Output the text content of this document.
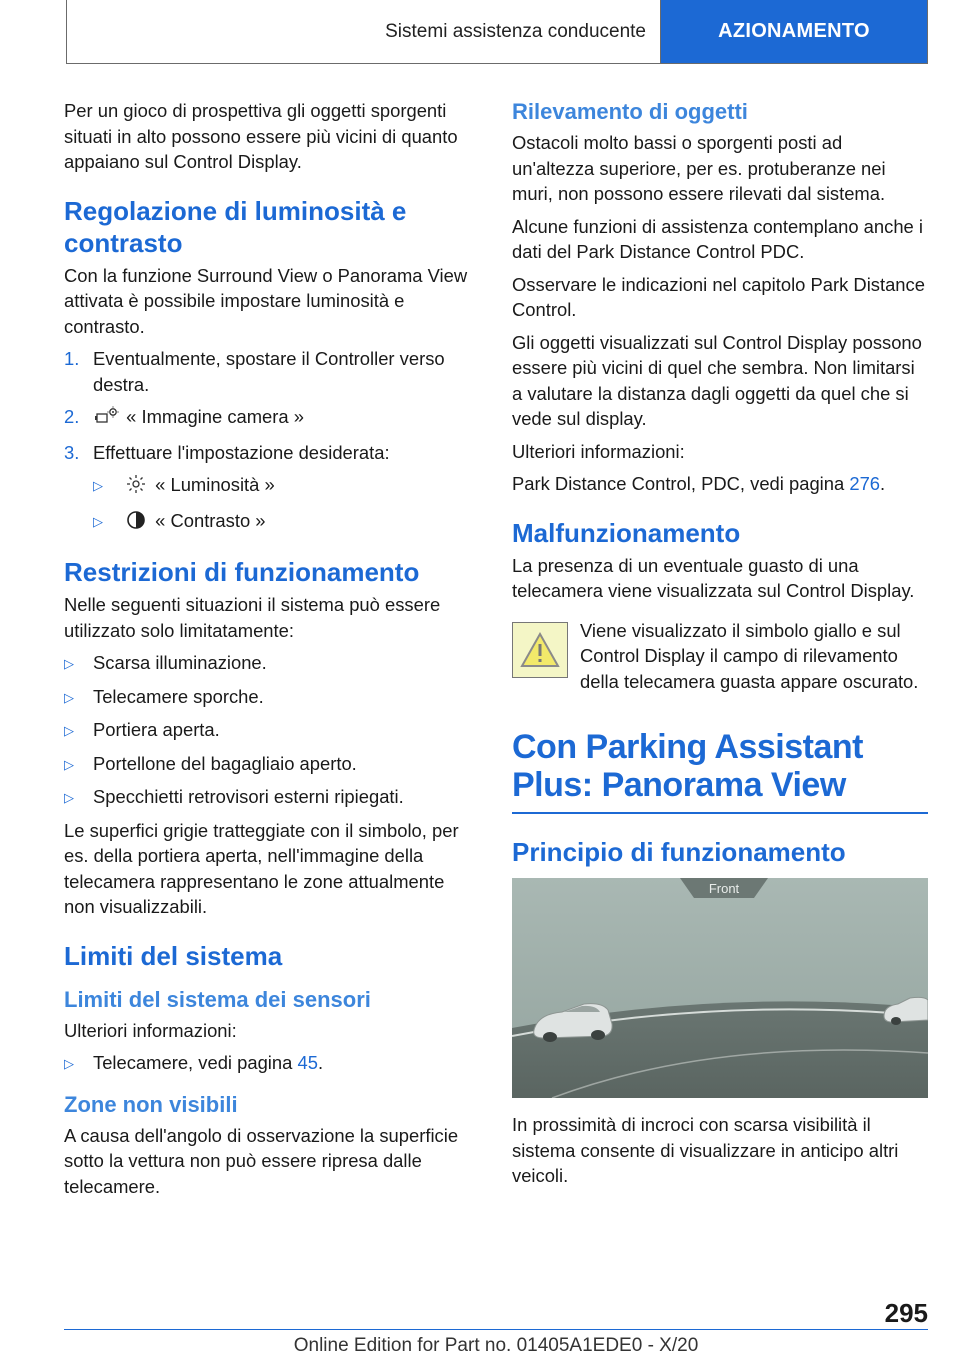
Sistemi assistenza conducente	AZIONAMENTO

Per un gioco di prospettiva gli oggetti sporgenti situati in alto possono essere più vicini di quanto appaiano sul Control Display.

Regolazione di luminosità e contrasto

Con la funzione Surround View o Panorama View attivata è possibile impostare luminosità e contrasto.

1. Eventualmente, spostare il Controller verso destra.
2.	« Immagine camera »
3. Effettuare l'impostazione desiderata:
▷	« Luminosità »
▷	« Contrasto »
Restrizioni di funzionamento

Nelle seguenti situazioni il sistema può essere utilizzato solo limitatamente:

▷	Scarsa illuminazione.
▷	Telecamere sporche.
▷	Portiera aperta.
▷	Portellone del bagagliaio aperto.
▷	Specchietti retrovisori esterni ripiegati.

Le superfici grigie tratteggiate con il simbolo, per es. della portiera aperta, nell'immagine della telecamera rappresentano le zone attualmente non visualizzabili.

Limiti del sistema
Limiti del sistema dei sensori

Ulteriori informazioni:

▷	Telecamere, vedi pagina 45.
Zone non visibili

A causa dell'angolo di osservazione la superficie sotto la vettura non può essere ripresa dalle telecamere.

Rilevamento di oggetti

Ostacoli molto bassi o sporgenti posti ad un'altezza superiore, per es. protuberanze nei muri, non possono essere rilevati dal sistema.

Alcune funzioni di assistenza contemplano anche i dati del Park Distance Control PDC.

Osservare le indicazioni nel capitolo Park Distance Control.

Gli oggetti visualizzati sul Control Display possono essere più vicini di quel che sembra. Non limitarsi a valutare la distanza dagli oggetti da quel che si vede sul display.

Ulteriori informazioni:

Park Distance Control, PDC, vedi pagina 276.

Malfunzionamento

La presenza di un eventuale guasto di una telecamera viene visualizzata sul Control Display.

Viene visualizzato il simbolo giallo e sul Control Display il campo di rilevamento della telecamera guasta appare oscurato.
Con Parking Assistant Plus: Panorama View
Principio di funzionamento
Front

In prossimità di incroci con scarsa visibilità il sistema consente di visualizzare in anticipo altri veicoli.

295
Online Edition for Part no. 01405A1EDE0 - X/20
